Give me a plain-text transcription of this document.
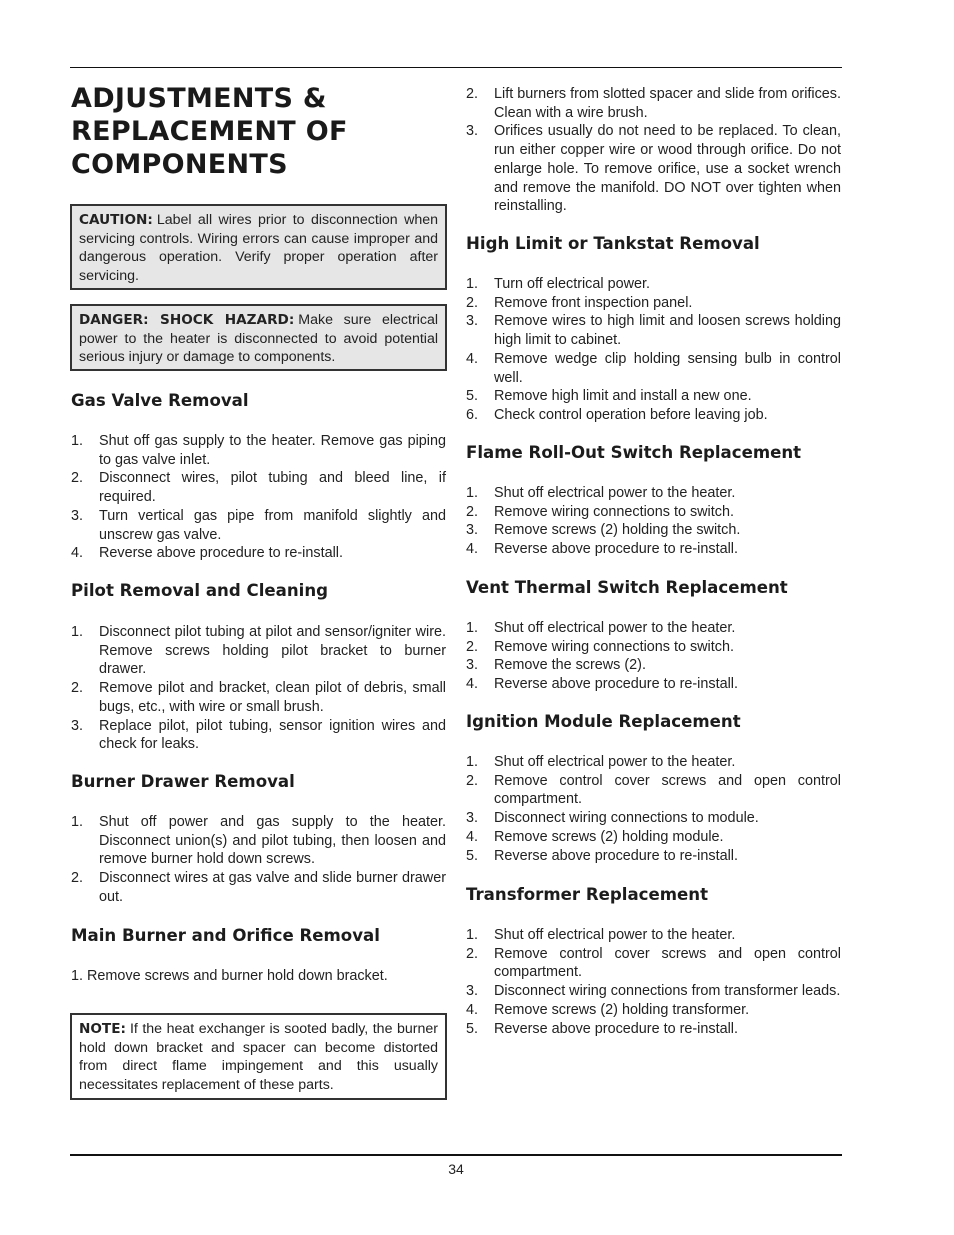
ADJUSTMENTS & REPLACEMENT OF COMPONENTS
CAUTION: Label all wires prior to disconnection when servicing controls. Wiring errors can cause improper and dangerous operation. Verify proper operation after servicing.
DANGER: SHOCK HAZARD: Make sure electrical power to the heater is disconnected to avoid potential serious injury or damage to components.
Gas Valve Removal
1. Shut off gas supply to the heater. Remove gas piping to gas valve inlet.
2. Disconnect wires, pilot tubing and bleed line, if required.
3. Turn vertical gas pipe from manifold slightly and unscrew gas valve.
4. Reverse above procedure to re-install.
Pilot Removal and Cleaning
1. Disconnect pilot tubing at pilot and sensor/igniter wire. Remove screws holding pilot bracket to burner drawer.
2. Remove pilot and bracket, clean pilot of debris, small bugs, etc., with wire or small brush.
3. Replace pilot, pilot tubing, sensor ignition wires and check for leaks.
Burner Drawer Removal
1. Shut off power and gas supply to the heater. Disconnect union(s) and pilot tubing, then loosen and remove burner hold down screws.
2. Disconnect wires at gas valve and slide burner drawer out.
Main Burner and Orifice Removal

1. Remove screws and burner hold down bracket.

NOTE: If the heat exchanger is sooted badly, the burner hold down bracket and spacer can become distorted from direct flame impingement and this usually necessitates replacement of these parts.
2. Lift burners from slotted spacer and slide from orifices. Clean with a wire brush.
3. Orifices usually do not need to be replaced. To clean, run either copper wire or wood through orifice. Do not enlarge hole. To remove orifice, use a socket wrench and remove the manifold. DO NOT over tighten when reinstalling.
High Limit or Tankstat Removal
1. Turn off electrical power.
2. Remove front inspection panel.
3. Remove wires to high limit and loosen screws holding high limit to cabinet.
4. Remove wedge clip holding sensing bulb in control well.
5. Remove high limit and install a new one.
6. Check control operation before leaving job.
Flame Roll-Out Switch Replacement
1. Shut off electrical power to the heater.
2. Remove wiring connections to switch.
3. Remove screws (2) holding the switch.
4. Reverse above procedure to re-install.
Vent Thermal Switch Replacement
1. Shut off electrical power to the heater.
2. Remove wiring connections to switch.
3. Remove the screws (2).
4. Reverse above procedure to re-install.
Ignition Module Replacement
1. Shut off electrical power to the heater.
2. Remove control cover screws and open control compartment.
3. Disconnect wiring connections to module.
4. Remove screws (2) holding module.
5. Reverse above procedure to re-install.
Transformer Replacement
1. Shut off electrical power to the heater.
2. Remove control cover screws and open control compartment.
3. Disconnect wiring connections from transformer leads.
4. Remove screws (2) holding transformer.
5. Reverse above procedure to re-install.
34
